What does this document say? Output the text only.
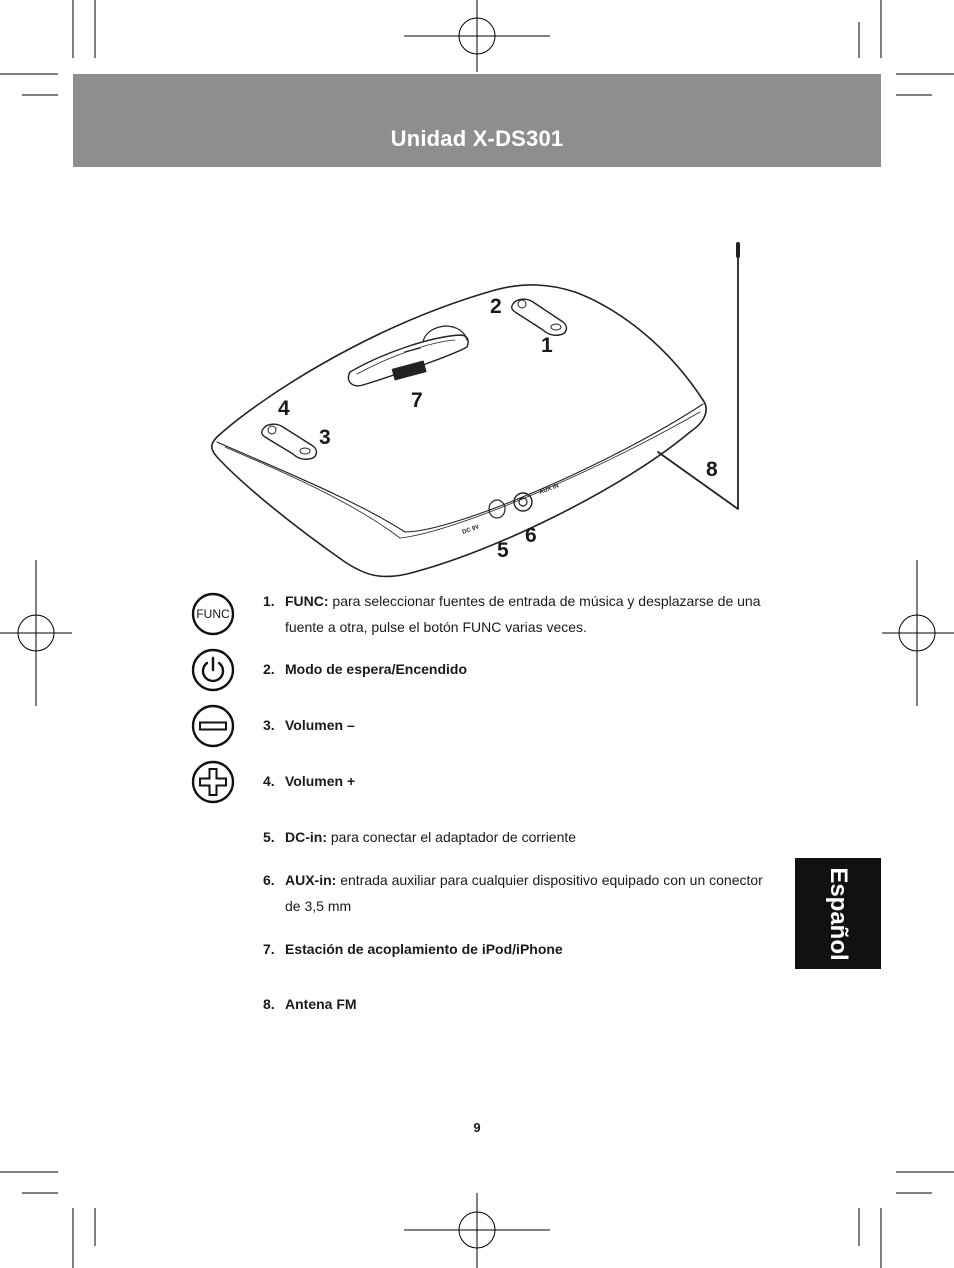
Unidad X-DS301
DC 9V
AUX IN
1
2
3
4
5
6
7
8
FUNC
1. FUNC: para seleccionar fuentes de entrada de música y desplazarse de una fuente a otra, pulse el botón FUNC varias veces.
2. Modo de espera/Encendido
3. Volumen –
4. Volumen +
5. DC-in: para conectar el adaptador de corriente
6. AUX-in: entrada auxiliar para cualquier dispositivo equipado con un conector de 3,5 mm
7. Estación de acoplamiento de iPod/iPhone
8. Antena FM
Español
9
